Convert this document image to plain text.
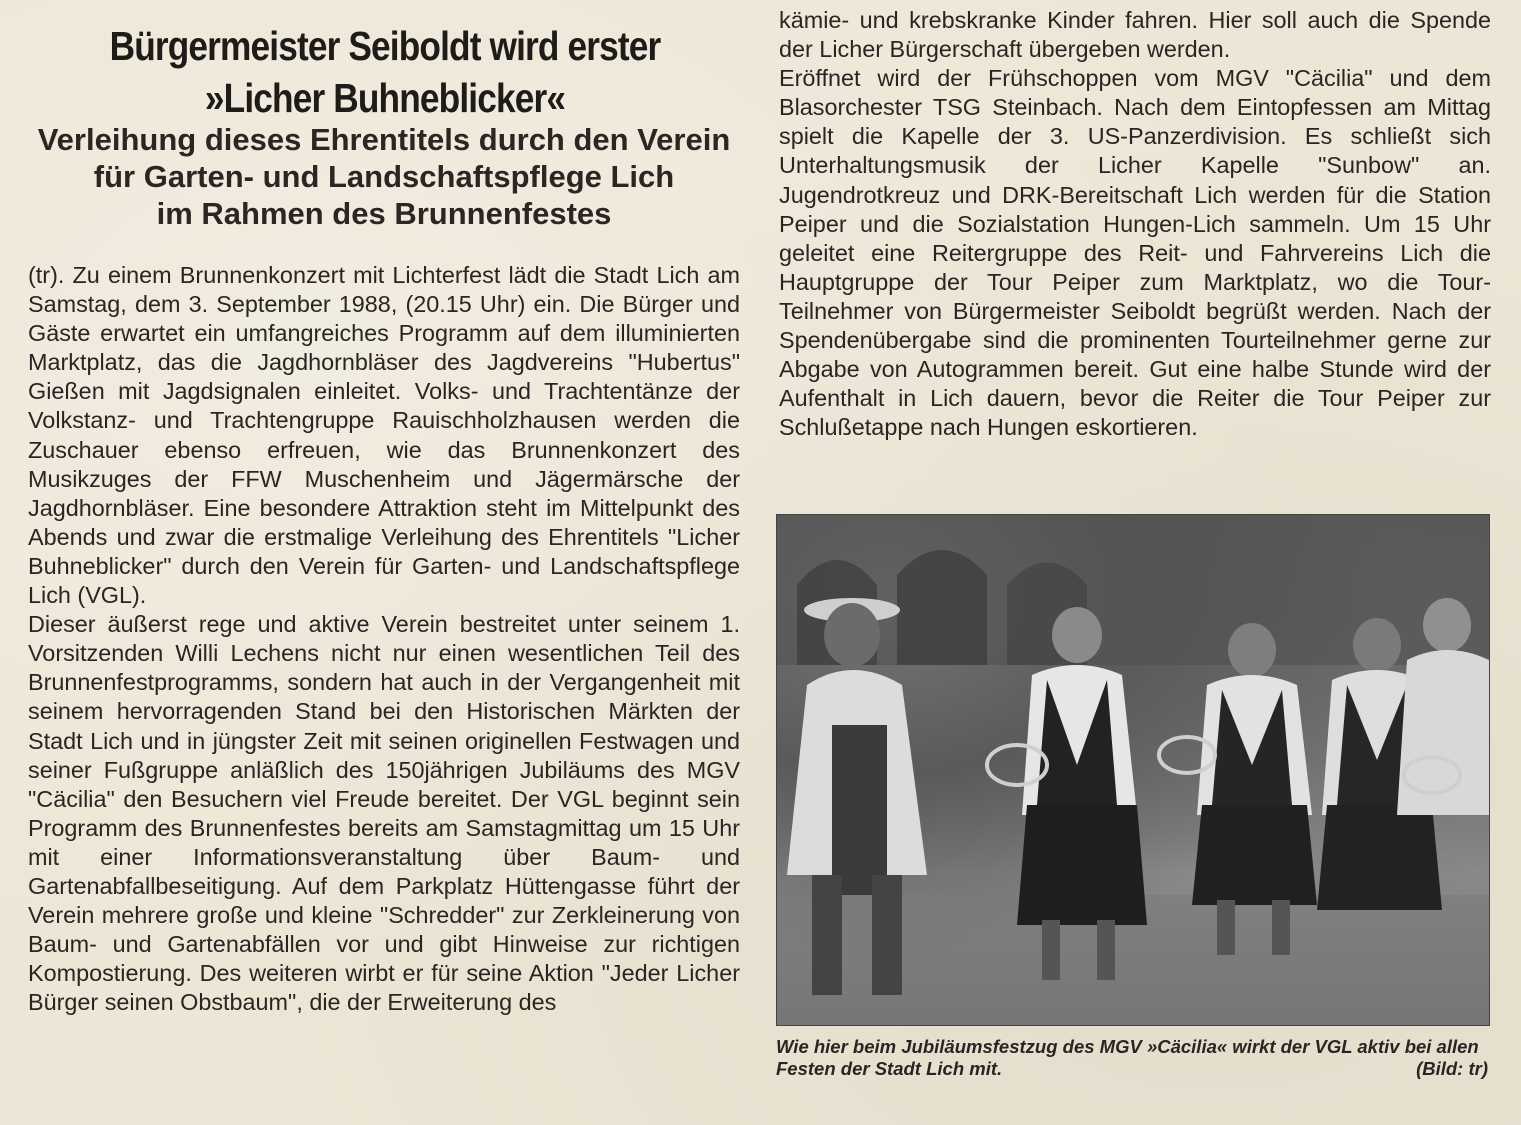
Bürgermeister Seiboldt wird erster
»Licher Buhneblicker«
Verleihung dieses Ehrentitels durch den Verein
für Garten- und Landschaftspflege Lich
im Rahmen des Brunnenfestes

(tr). Zu einem Brunnenkonzert mit Lichterfest lädt die Stadt Lich am Samstag, dem 3. September 1988, (20.15 Uhr) ein. Die Bürger und Gäste erwartet ein umfangreiches Programm auf dem illuminierten Marktplatz, das die Jagdhornbläser des Jagdvereins "Hubertus" Gießen mit Jagdsignalen einleitet. Volks- und Trachtentänze der Volkstanz- und Trachtengruppe Rauischholzhausen werden die Zuschauer ebenso erfreuen, wie das Brunnenkonzert des Musikzuges der FFW Muschenheim und Jägermärsche der Jagdhornbläser. Eine besondere Attraktion steht im Mittelpunkt des Abends und zwar die erstmalige Verleihung des Ehrentitels "Licher Buhneblicker" durch den Verein für Garten- und Landschaftspflege Lich (VGL).

Dieser äußerst rege und aktive Verein bestreitet unter seinem 1. Vorsitzenden Willi Lechens nicht nur einen wesentlichen Teil des Brunnenfestprogramms, sondern hat auch in der Vergangenheit mit seinem hervorragenden Stand bei den Historischen Märkten der Stadt Lich und in jüngster Zeit mit seinen originellen Festwagen und seiner Fußgruppe anläßlich des 150jährigen Jubiläums des MGV "Cäcilia" den Besuchern viel Freude bereitet. Der VGL beginnt sein Programm des Brunnenfestes bereits am Samstagmittag um 15 Uhr mit einer Informationsveranstaltung über Baum- und Gartenabfallbeseitigung. Auf dem Parkplatz Hüttengasse führt der Verein mehrere große und kleine "Schredder" zur Zerkleinerung von Baum- und Gartenabfällen vor und gibt Hinweise zur richtigen Kompostierung. Des weiteren wirbt er für seine Aktion "Jeder Licher Bürger seinen Obstbaum", die der Erweiterung des

kämie- und krebskranke Kinder fahren. Hier soll auch die Spende der Licher Bürgerschaft übergeben werden.

Eröffnet wird der Frühschoppen vom MGV "Cäcilia" und dem Blasorchester TSG Steinbach. Nach dem Eintopfessen am Mittag spielt die Kapelle der 3. US-Panzerdivision. Es schließt sich Unterhaltungsmusik der Licher Kapelle "Sunbow" an. Jugendrotkreuz und DRK-Bereitschaft Lich werden für die Station Peiper und die Sozialstation Hungen-Lich sammeln. Um 15 Uhr geleitet eine Reitergruppe des Reit- und Fahrvereins Lich die Hauptgruppe der Tour Peiper zum Marktplatz, wo die Tour-Teilnehmer von Bürgermeister Seiboldt begrüßt werden. Nach der Spendenübergabe sind die prominenten Tourteilnehmer gerne zur Abgabe von Autogrammen bereit. Gut eine halbe Stunde wird der Aufenthalt in Lich dauern, bevor die Reiter die Tour Peiper zur Schlußetappe nach Hungen eskortieren.

Wie hier beim Jubiläumsfestzug des MGV »Cäcilia« wirkt der VGL aktiv bei allen Festen der Stadt Lich mit.	(Bild: tr)
